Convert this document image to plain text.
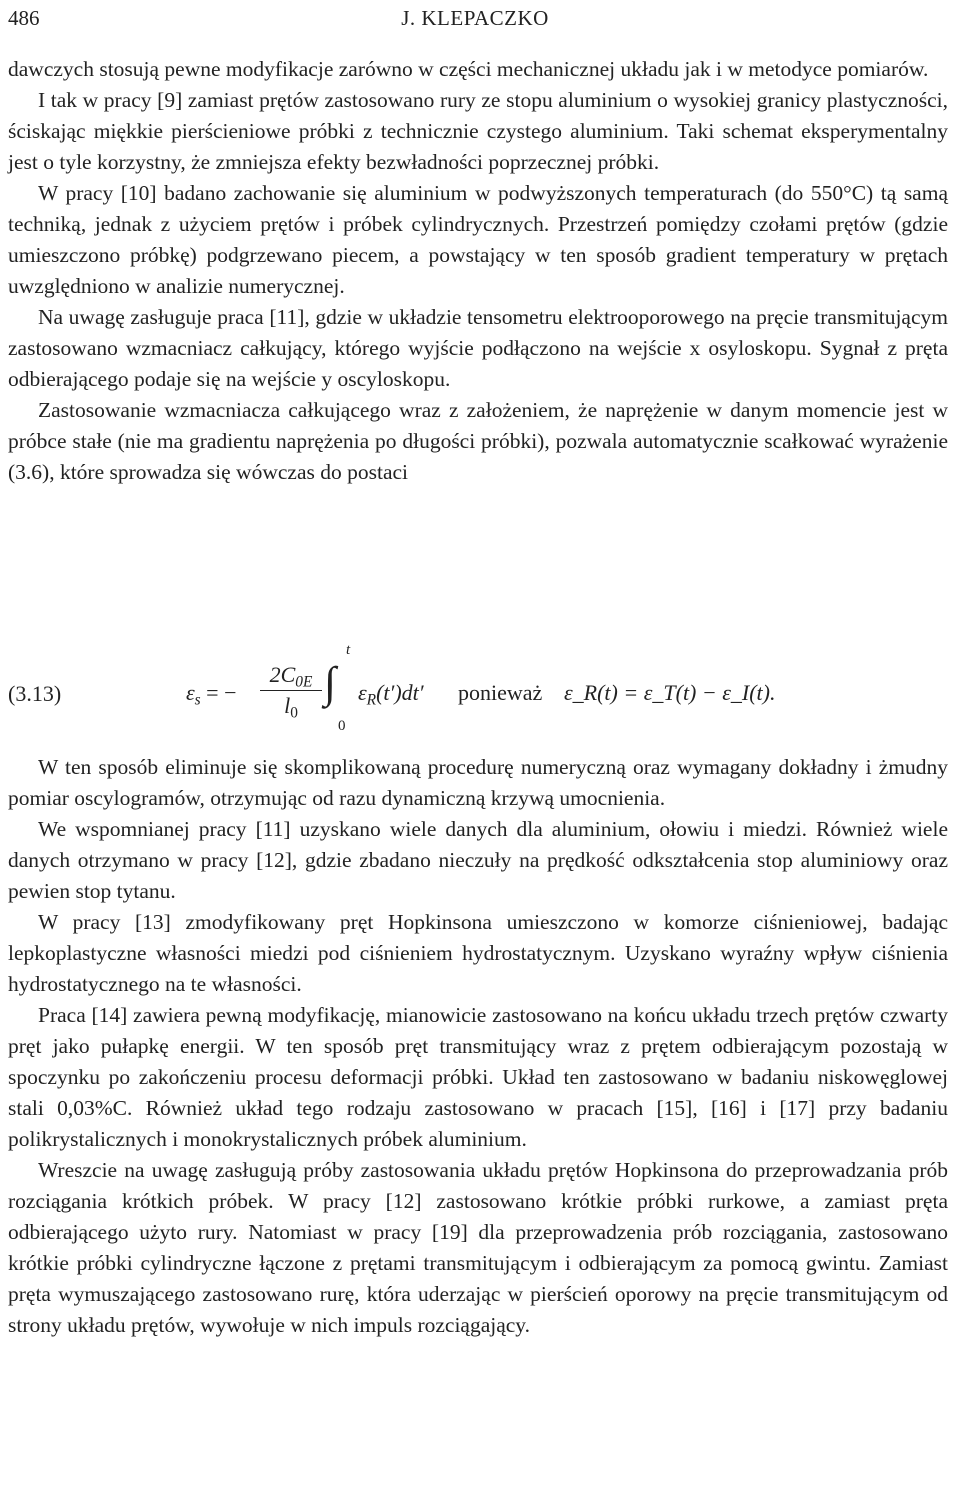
486	J. KLEPACZKO

dawczych stosują pewne modyfikacje zarówno w części mechanicznej układu jak i w metodyce pomiarów.

I tak w pracy [9] zamiast prętów zastosowano rury ze stopu aluminium o wysokiej granicy plastyczności, ściskając miękkie pierścieniowe próbki z technicznie czystego aluminium. Taki schemat eksperymentalny jest o tyle korzystny, że zmniejsza efekty bezwładności poprzecznej próbki.

W pracy [10] badano zachowanie się aluminium w podwyższonych temperaturach (do 550°C) tą samą techniką, jednak z użyciem prętów i próbek cylindrycznych. Przestrzeń pomiędzy czołami prętów (gdzie umieszczono próbkę) podgrzewano piecem, a powstający w ten sposób gradient temperatury w prętach uwzględniono w analizie numerycznej.

Na uwagę zasługuje praca [11], gdzie w układzie tensometru elektrooporowego na pręcie transmitującym zastosowano wzmacniacz całkujący, którego wyjście podłączono na wejście x osyloskopu. Sygnał z pręta odbierającego podaje się na wejście y oscyloskopu.

Zastosowanie wzmacniacza całkującego wraz z założeniem, że naprężenie w danym momencie jest w próbce stałe (nie ma gradientu naprężenia po długości próbki), pozwala automatycznie scałkować wyrażenie (3.6), które sprowadza się wówczas do postaci

(3.13)	$\varepsilon_s$ = −
$2C_{0E}$
$l_0$
∫
t
0
$\varepsilon_R(t')dt'$ ponieważ ε_R(t) = ε_T(t) − ε_I(t).

W ten sposób eliminuje się skomplikowaną procedurę numeryczną oraz wymagany dokładny i żmudny pomiar oscylogramów, otrzymując od razu dynamiczną krzywą umocnienia.

We wspomnianej pracy [11] uzyskano wiele danych dla aluminium, ołowiu i miedzi. Również wiele danych otrzymano w pracy [12], gdzie zbadano nieczuły na prędkość odkształcenia stop aluminiowy oraz pewien stop tytanu.

W pracy [13] zmodyfikowany pręt Hopkinsona umieszczono w komorze ciśnieniowej, badając lepkoplastyczne własności miedzi pod ciśnieniem hydrostatycznym. Uzyskano wyraźny wpływ ciśnienia hydrostatycznego na te własności.

Praca [14] zawiera pewną modyfikację, mianowicie zastosowano na końcu układu trzech prętów czwarty pręt jako pułapkę energii. W ten sposób pręt transmitujący wraz z prętem odbierającym pozostają w spoczynku po zakończeniu procesu deformacji próbki. Układ ten zastosowano w badaniu niskowęglowej stali 0,03%C. Również układ tego rodzaju zastosowano w pracach [15], [16] i [17] przy badaniu polikrystalicznych i monokrystalicznych próbek aluminium.

Wreszcie na uwagę zasługują próby zastosowania układu prętów Hopkinsona do przeprowadzania prób rozciągania krótkich próbek. W pracy [12] zastosowano krótkie próbki rurkowe, a zamiast pręta odbierającego użyto rury. Natomiast w pracy [19] dla przeprowadzenia prób rozciągania, zastosowano krótkie próbki cylindryczne łączone z prętami transmitującym i odbierającym za pomocą gwintu. Zamiast pręta wymuszającego zastosowano rurę, która uderzając w pierścień oporowy na pręcie transmitującym od strony układu prętów, wywołuje w nich impuls rozciągający.
